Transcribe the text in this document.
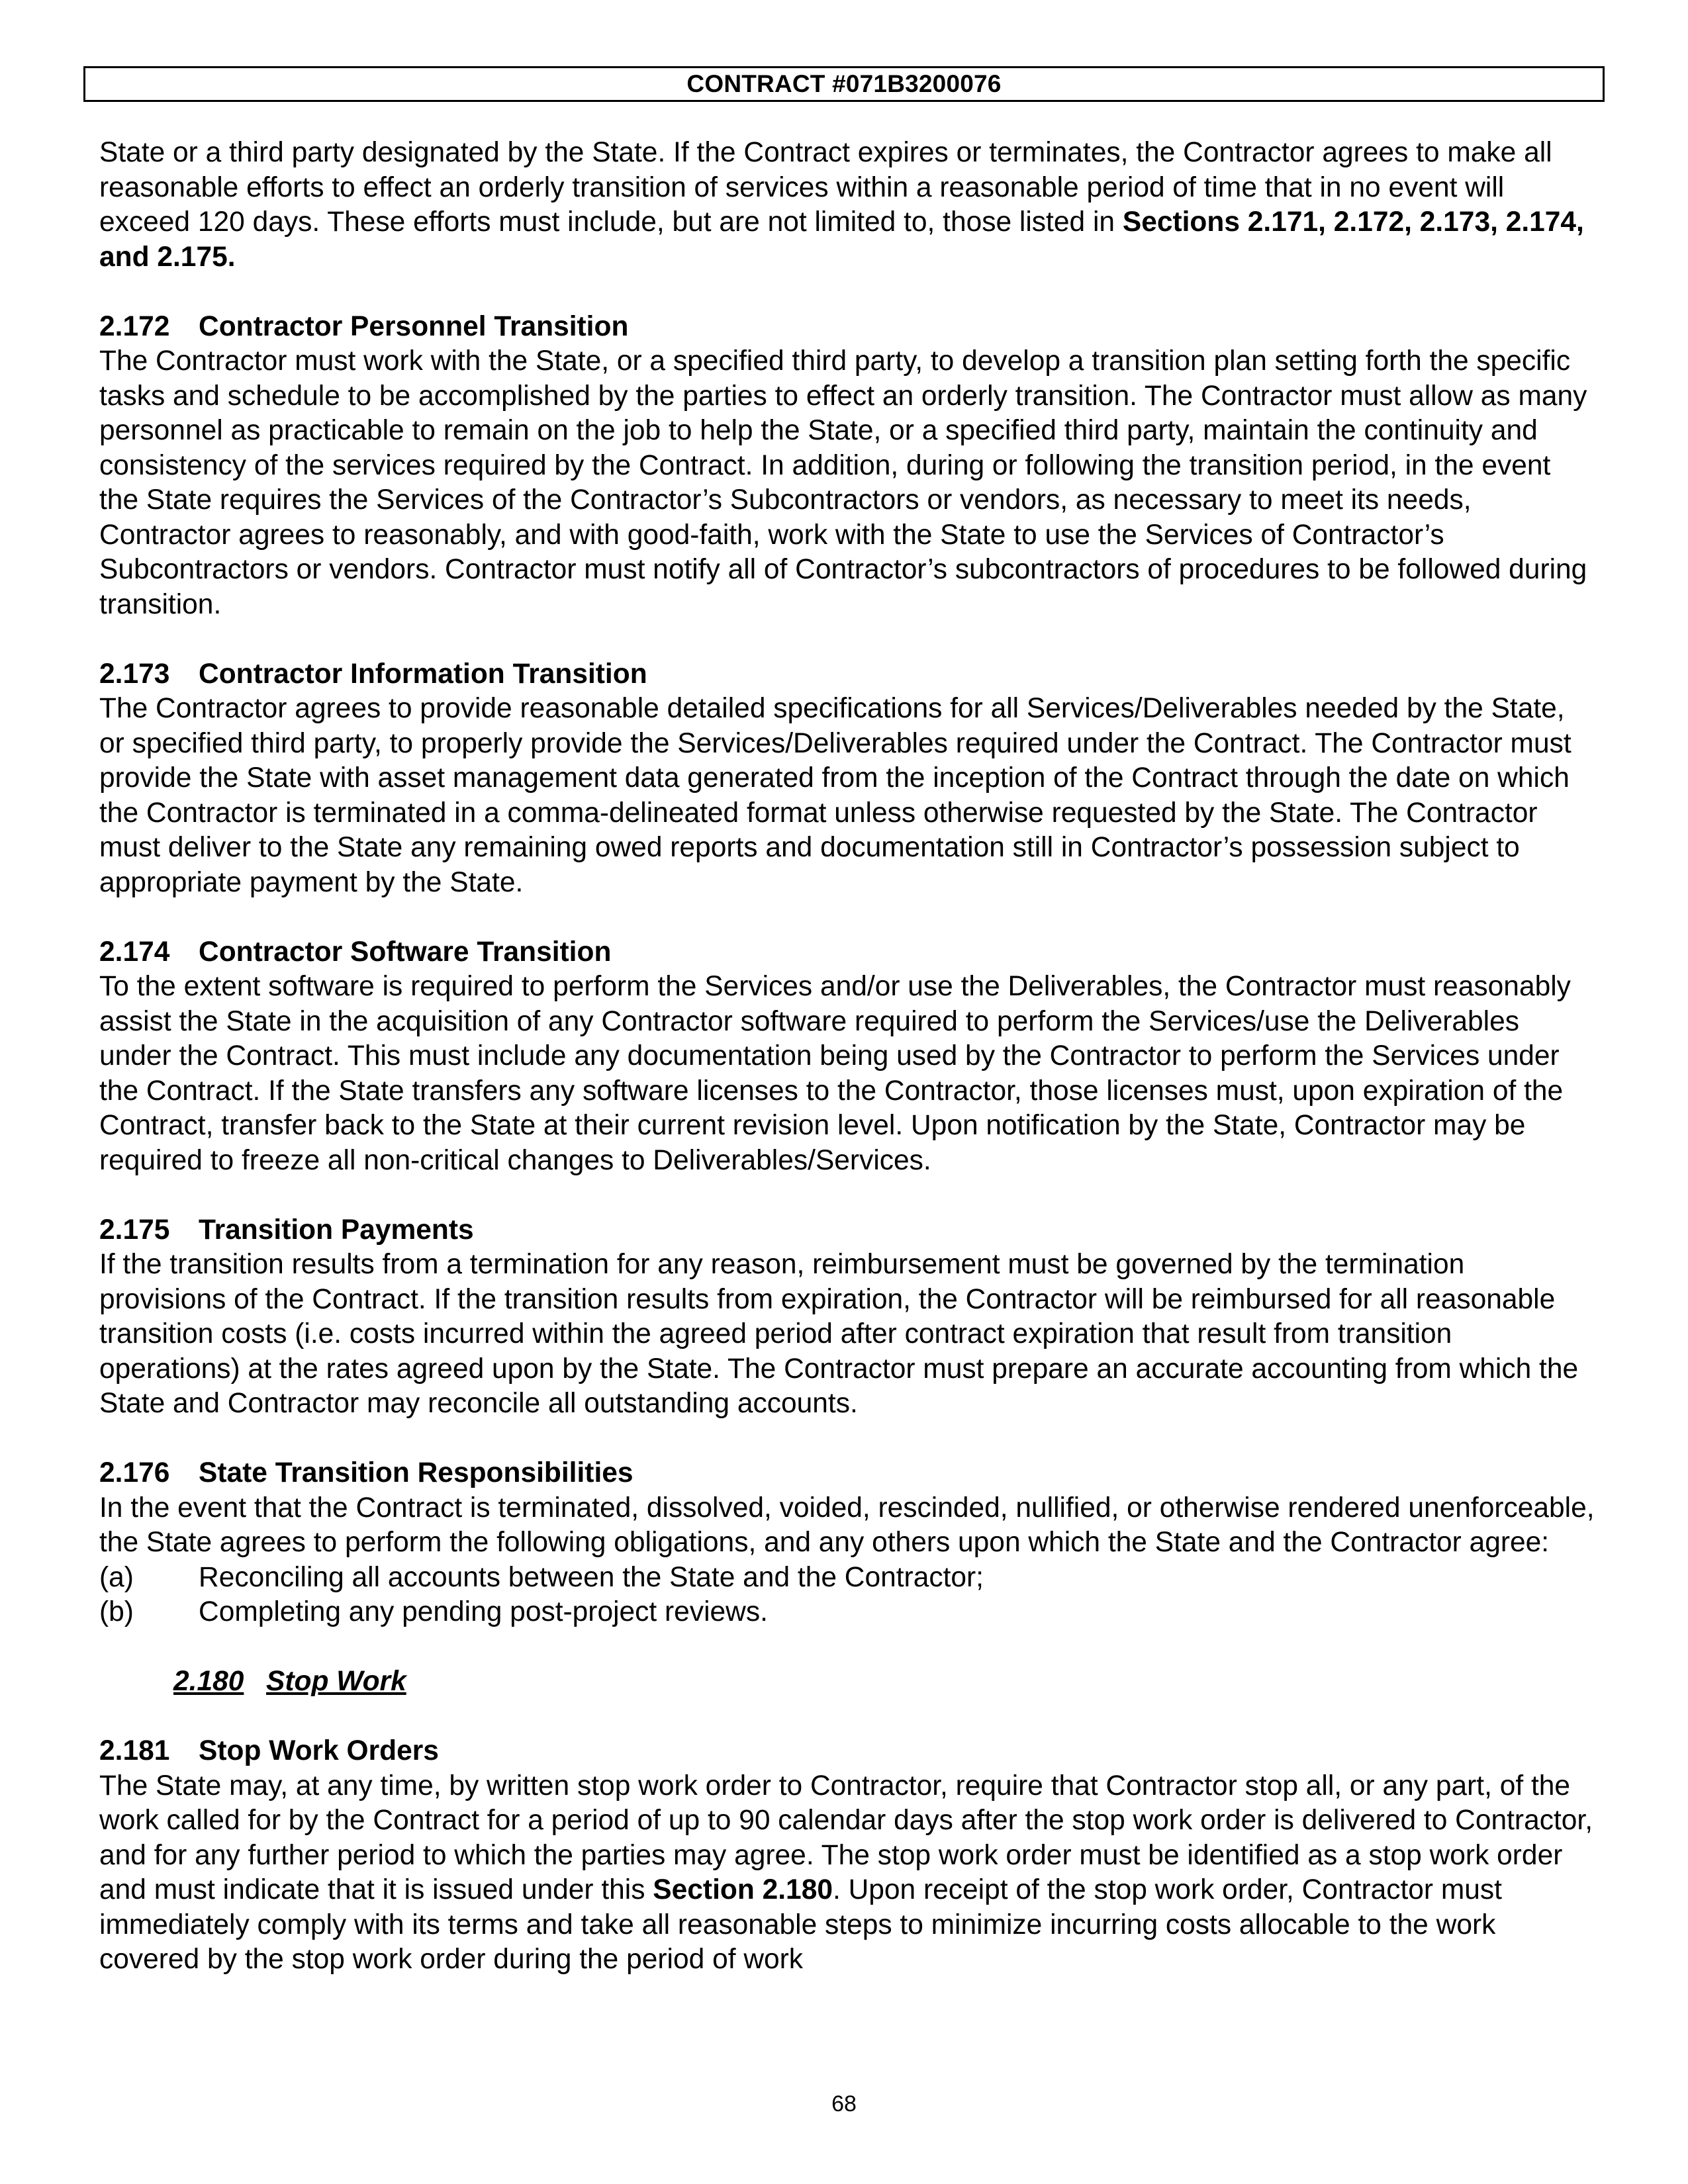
CONTRACT #071B3200076

State or a third party designated by the State. If the Contract expires or terminates, the Contractor agrees to make all reasonable efforts to effect an orderly transition of services within a reasonable period of time that in no event will exceed 120 days. These efforts must include, but are not limited to, those listed in Sections 2.171, 2.172, 2.173, 2.174, and 2.175.

2.172 Contractor Personnel Transition

The Contractor must work with the State, or a specified third party, to develop a transition plan setting forth the specific tasks and schedule to be accomplished by the parties to effect an orderly transition. The Contractor must allow as many personnel as practicable to remain on the job to help the State, or a specified third party, maintain the continuity and consistency of the services required by the Contract. In addition, during or following the transition period, in the event the State requires the Services of the Contractor’s Subcontractors or vendors, as necessary to meet its needs, Contractor agrees to reasonably, and with good-faith, work with the State to use the Services of Contractor’s Subcontractors or vendors. Contractor must notify all of Contractor’s subcontractors of procedures to be followed during transition.

2.173 Contractor Information Transition

The Contractor agrees to provide reasonable detailed specifications for all Services/Deliverables needed by the State, or specified third party, to properly provide the Services/Deliverables required under the Contract. The Contractor must provide the State with asset management data generated from the inception of the Contract through the date on which the Contractor is terminated in a comma-delineated format unless otherwise requested by the State. The Contractor must deliver to the State any remaining owed reports and documentation still in Contractor’s possession subject to appropriate payment by the State.

2.174 Contractor Software Transition

To the extent software is required to perform the Services and/or use the Deliverables, the Contractor must reasonably assist the State in the acquisition of any Contractor software required to perform the Services/use the Deliverables under the Contract. This must include any documentation being used by the Contractor to perform the Services under the Contract. If the State transfers any software licenses to the Contractor, those licenses must, upon expiration of the Contract, transfer back to the State at their current revision level. Upon notification by the State, Contractor may be required to freeze all non-critical changes to Deliverables/Services.

2.175 Transition Payments

If the transition results from a termination for any reason, reimbursement must be governed by the termination provisions of the Contract. If the transition results from expiration, the Contractor will be reimbursed for all reasonable transition costs (i.e. costs incurred within the agreed period after contract expiration that result from transition operations) at the rates agreed upon by the State. The Contractor must prepare an accurate accounting from which the State and Contractor may reconcile all outstanding accounts.

2.176 State Transition Responsibilities

In the event that the Contract is terminated, dissolved, voided, rescinded, nullified, or otherwise rendered unenforceable, the State agrees to perform the following obligations, and any others upon which the State and the Contractor agree:

(a)	Reconciling all accounts between the State and the Contractor;
(b)	Completing any pending post-project reviews.

2.180 Stop Work

2.181 Stop Work Orders

The State may, at any time, by written stop work order to Contractor, require that Contractor stop all, or any part, of the work called for by the Contract for a period of up to 90 calendar days after the stop work order is delivered to Contractor, and for any further period to which the parties may agree. The stop work order must be identified as a stop work order and must indicate that it is issued under this Section 2.180. Upon receipt of the stop work order, Contractor must immediately comply with its terms and take all reasonable steps to minimize incurring costs allocable to the work covered by the stop work order during the period of work

68
